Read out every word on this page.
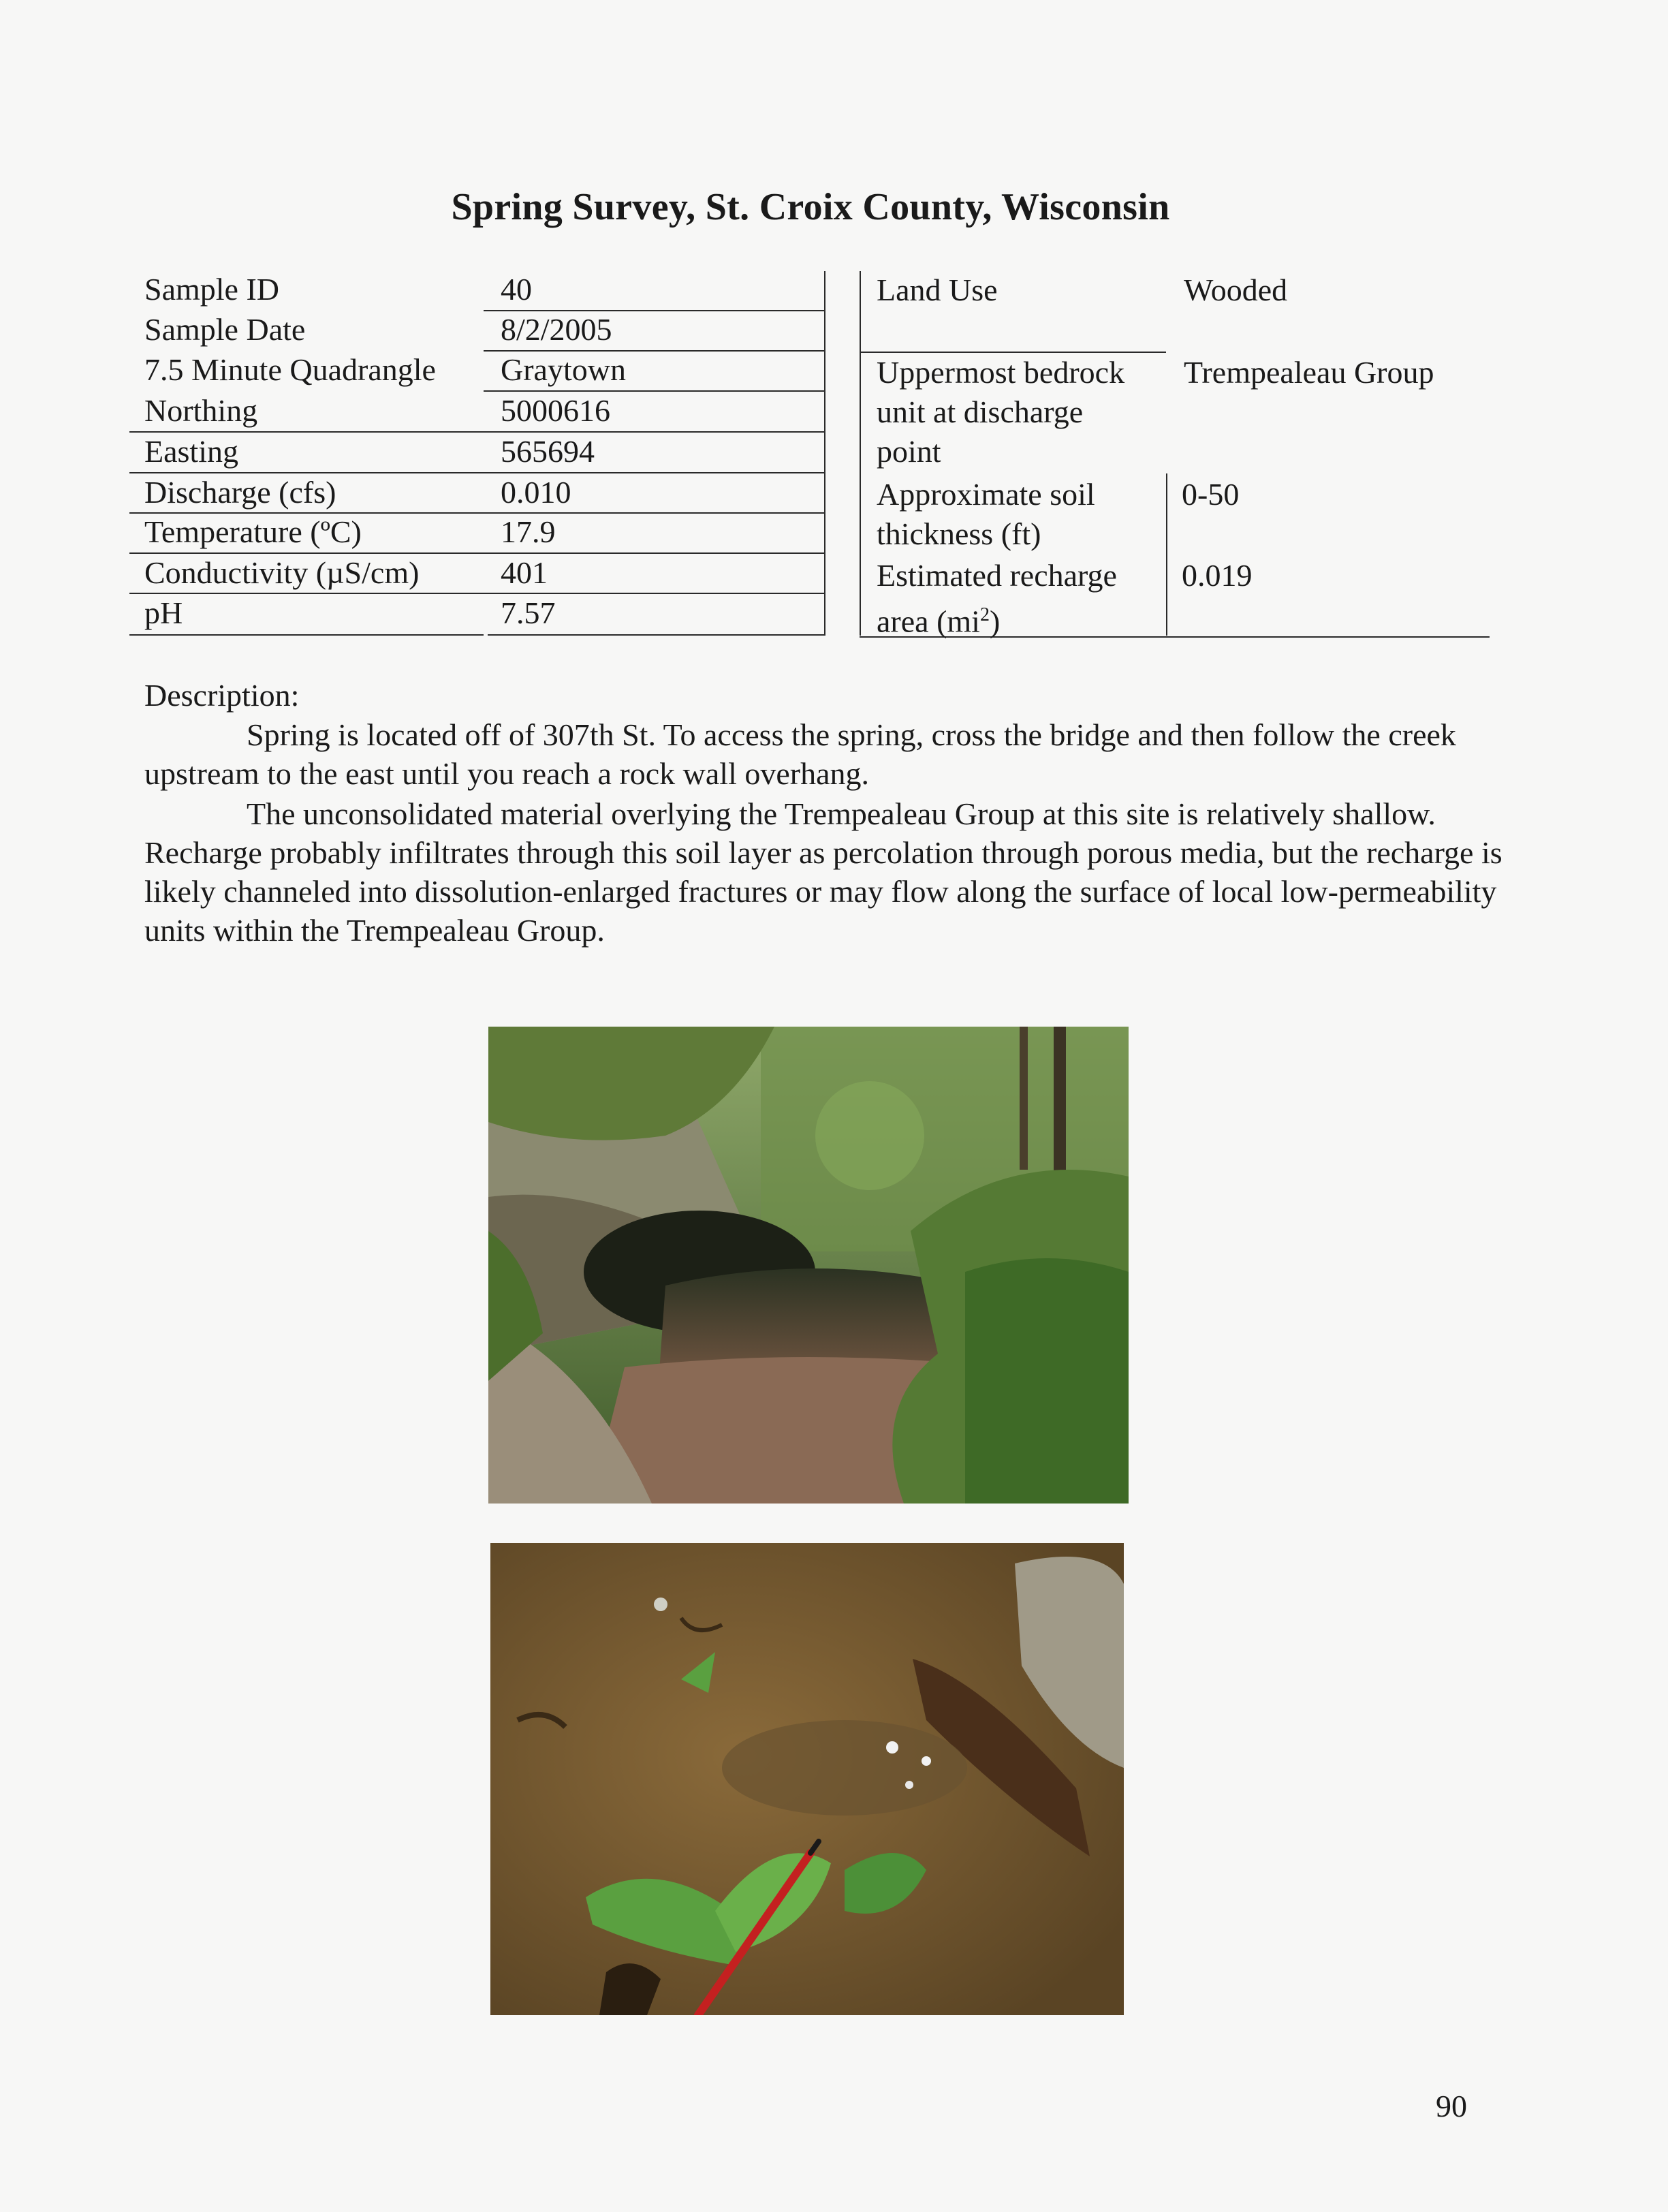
Spring Survey, St. Croix County, Wisconsin
Sample ID
Sample Date
7.5 Minute Quadrangle
Northing
Easting
Discharge (cfs)
Temperature (ºC)
Conductivity (µS/cm)
pH
40
8/2/2005
Graytown
5000616
565694
0.010
17.9
401
7.57
Land Use	Wooded
Uppermost bedrock
unit at discharge
point
Trempealeau Group
Approximate soil
thickness (ft)
0-50
Estimated recharge
area $(mi^2)$
0.019
Description:
Spring is located off of 307th St. To access the spring, cross the bridge and then follow the creek upstream to the east until you reach a rock wall overhang.
The unconsolidated material overlying the Trempealeau Group at this site is relatively shallow. Recharge probably infiltrates through this soil layer as percolation through porous media, but the recharge is likely channeled into dissolution-enlarged fractures or may flow along the surface of local low-permeability units within the Trempealeau Group.
90
